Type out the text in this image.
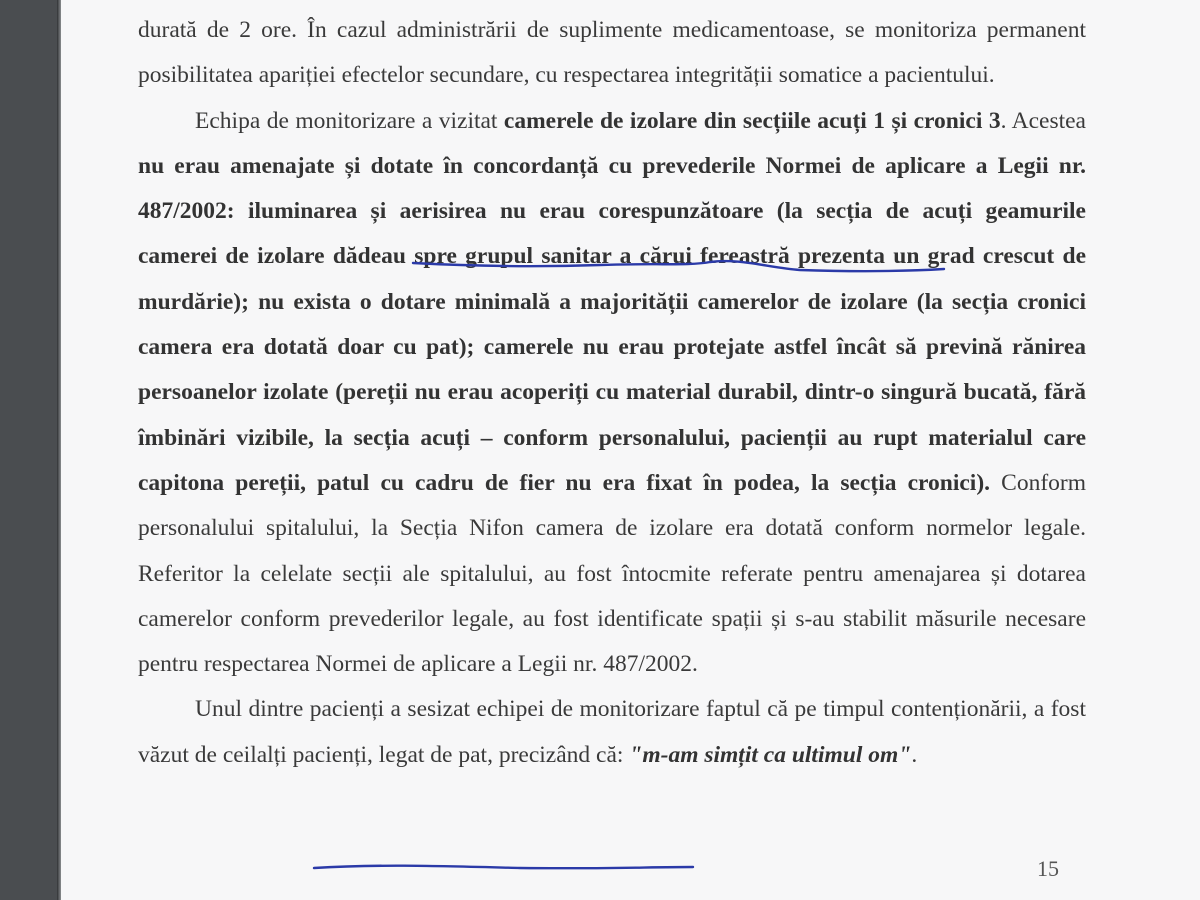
durată de 2 ore. În cazul administrării de suplimente medicamentoase, se monitoriza permanent posibilitatea apariției efectelor secundare, cu respectarea integrității somatice a pacientului.

Echipa de monitorizare a vizitat camerele de izolare din secțiile acuți 1 și cronici 3. Acestea nu erau amenajate și dotate în concordanță cu prevederile Normei de aplicare a Legii nr. 487/2002: iluminarea și aerisirea nu erau corespunzătoare (la secția de acuți geamurile camerei de izolare dădeau spre grupul sanitar a cărui fereastră prezenta un grad crescut de murdărie); nu exista o dotare minimală a majorității camerelor de izolare (la secția cronici camera era dotată doar cu pat); camerele nu erau protejate astfel încât să prevină rănirea persoanelor izolate (pereții nu erau acoperiți cu material durabil, dintr-o singură bucată, fără îmbinări vizibile, la secția acuți – conform personalului, pacienții au rupt materialul care capitona pereții, patul cu cadru de fier nu era fixat în podea, la secția cronici). Conform personalului spitalului, la Secția Nifon camera de izolare era dotată conform normelor legale. Referitor la celelate secții ale spitalului, au fost întocmite referate pentru amenajarea și dotarea camerelor conform prevederilor legale, au fost identificate spații și s-au stabilit măsurile necesare pentru respectarea Normei de aplicare a Legii nr. 487/2002.

Unul dintre pacienți a sesizat echipei de monitorizare faptul că pe timpul contenționării, a fost văzut de ceilalți pacienți, legat de pat, precizând că: "m-am simțit ca ultimul om".

15
